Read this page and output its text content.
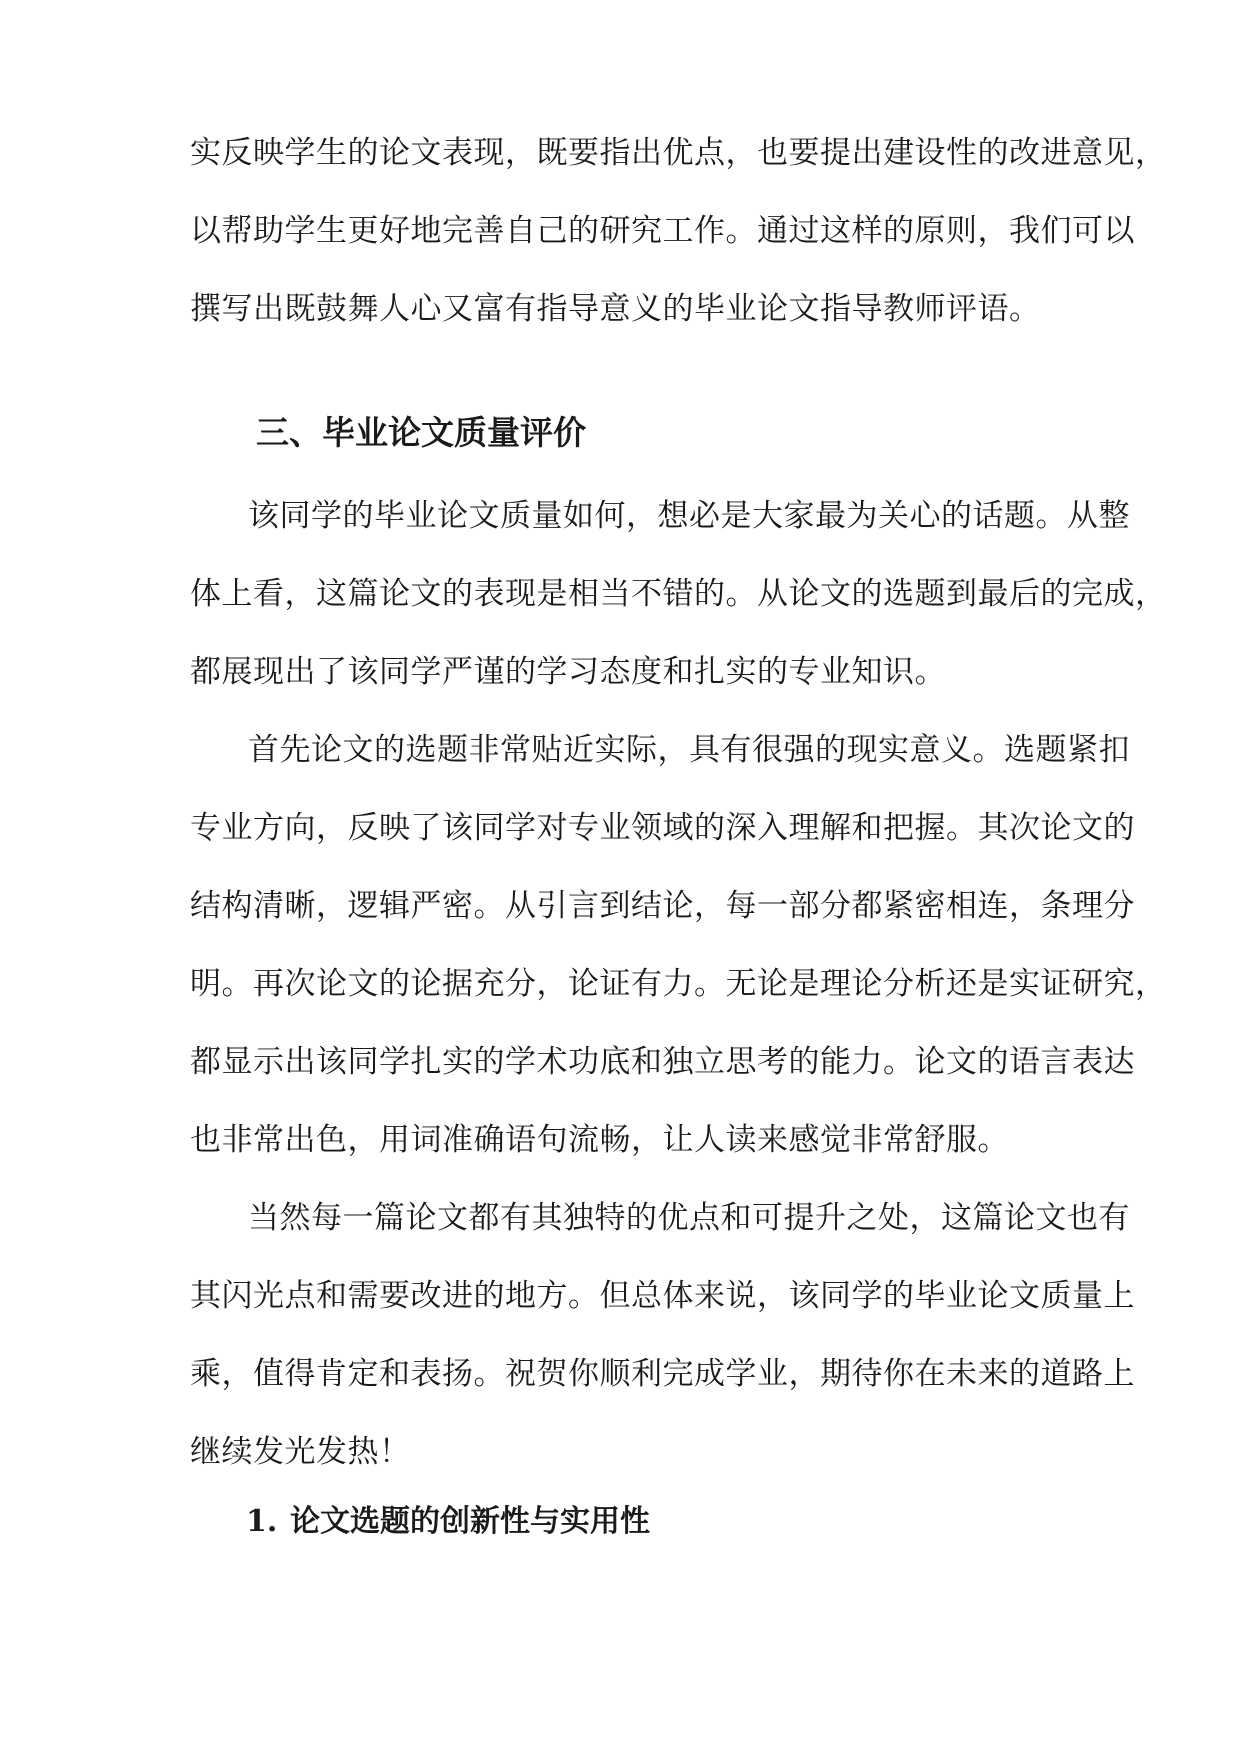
实反映学生的论文表现，既要指出优点，也要提出建设性的改进意见，
以帮助学生更好地完善自己的研究工作。通过这样的原则，我们可以
撰写出既鼓舞人心又富有指导意义的毕业论文指导教师评语。
三、毕业论文质量评价
该同学的毕业论文质量如何，想必是大家最为关心的话题。从整
体上看，这篇论文的表现是相当不错的。从论文的选题到最后的完成，
都展现出了该同学严谨的学习态度和扎实的专业知识。
首先论文的选题非常贴近实际，具有很强的现实意义。选题紧扣
专业方向，反映了该同学对专业领域的深入理解和把握。其次论文的
结构清晰，逻辑严密。从引言到结论，每一部分都紧密相连，条理分
明。再次论文的论据充分，论证有力。无论是理论分析还是实证研究，
都显示出该同学扎实的学术功底和独立思考的能力。论文的语言表达
也非常出色，用词准确语句流畅，让人读来感觉非常舒服。
当然每一篇论文都有其独特的优点和可提升之处，这篇论文也有
其闪光点和需要改进的地方。但总体来说，该同学的毕业论文质量上
乘，值得肯定和表扬。祝贺你顺利完成学业，期待你在未来的道路上
继续发光发热！
1. 论文选题的创新性与实用性
